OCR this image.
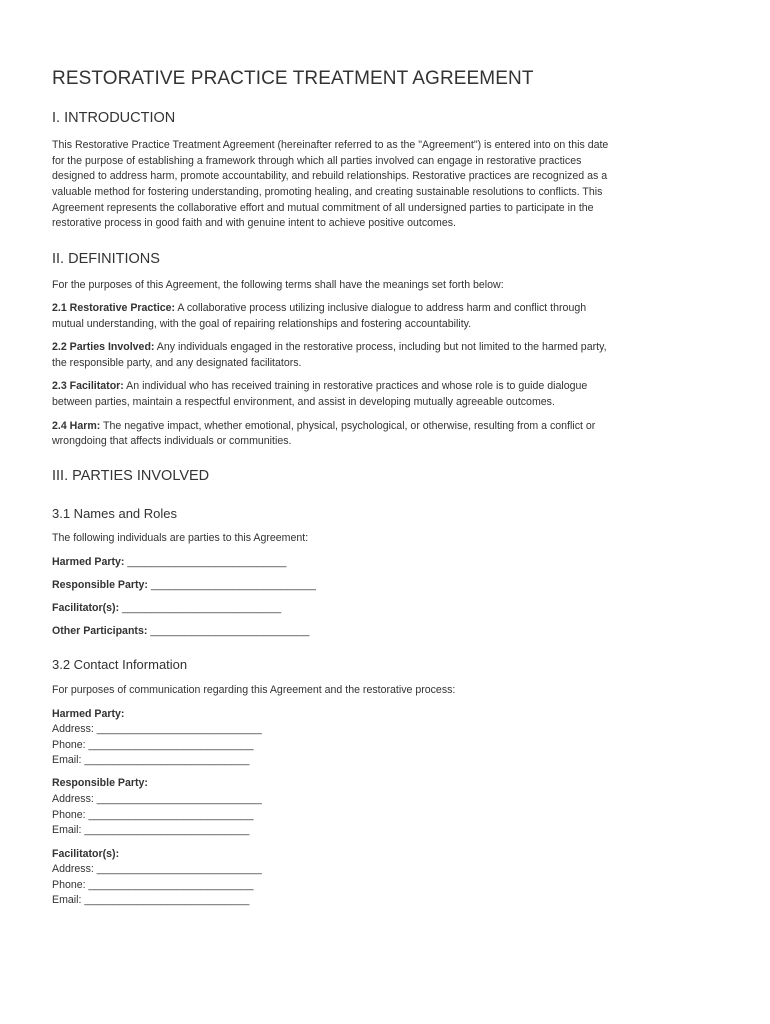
RESTORATIVE PRACTICE TREATMENT AGREEMENT
I. INTRODUCTION
This Restorative Practice Treatment Agreement (hereinafter referred to as the "Agreement") is entered into on this date
for the purpose of establishing a framework through which all parties involved can engage in restorative practices
designed to address harm, promote accountability, and rebuild relationships. Restorative practices are recognized as a
valuable method for fostering understanding, promoting healing, and creating sustainable resolutions to conflicts. This
Agreement represents the collaborative effort and mutual commitment of all undersigned parties to participate in the
restorative process in good faith and with genuine intent to achieve positive outcomes.
II. DEFINITIONS
For the purposes of this Agreement, the following terms shall have the meanings set forth below:
2.1 Restorative Practice: A collaborative process utilizing inclusive dialogue to address harm and conflict through
mutual understanding, with the goal of repairing relationships and fostering accountability.
2.2 Parties Involved: Any individuals engaged in the restorative process, including but not limited to the harmed party,
the responsible party, and any designated facilitators.
2.3 Facilitator: An individual who has received training in restorative practices and whose role is to guide dialogue
between parties, maintain a respectful environment, and assist in developing mutually agreeable outcomes.
2.4 Harm: The negative impact, whether emotional, physical, psychological, or otherwise, resulting from a conflict or
wrongdoing that affects individuals or communities.
III. PARTIES INVOLVED
3.1 Names and Roles
The following individuals are parties to this Agreement:
Harmed Party: ___________________________
Responsible Party: ____________________________
Facilitator(s): ___________________________
Other Participants: ___________________________
3.2 Contact Information
For purposes of communication regarding this Agreement and the restorative process:
Harmed Party:
Address: ____________________________
Phone: ____________________________
Email: ____________________________
Responsible Party:
Address: ____________________________
Phone: ____________________________
Email: ____________________________
Facilitator(s):
Address: ____________________________
Phone: ____________________________
Email: ____________________________
